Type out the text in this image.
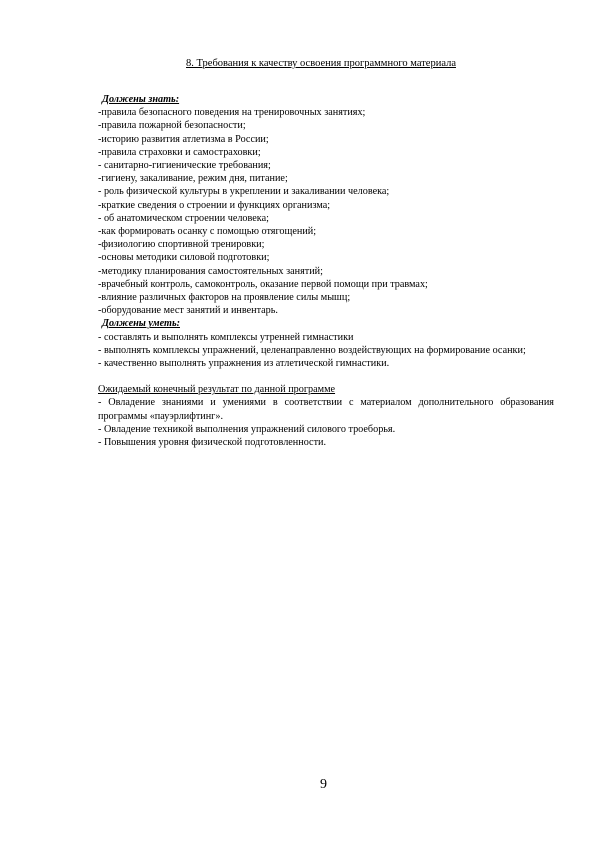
8. Требования к качеству освоения программного материала

Должены знать:

-правила безопасного поведения на тренировочных занятиях;

-правила пожарной безопасности;

-историю развития атлетизма в России;

-правила страховки и самостраховки;

- санитарно-гигиенические требования;

-гигиену, закаливание, режим дня, питание;

- роль физической культуры в укреплении и закаливании человека;

-краткие сведения о строении и функциях организма;

- об анатомическом строении человека;

-как формировать осанку с помощью отягощений;

-физиологию спортивной тренировки;

-основы методики силовой подготовки;

-методику планирования самостоятельных занятий;

-врачебный контроль, самоконтроль, оказание первой помощи при травмах;

-влияние различных факторов на проявление силы мышц;

-оборудование мест занятий и инвентарь.

Должены уметь:

- составлять и выполнять комплексы утренней гимнастики

- выполнять комплексы упражнений, целенаправленно воздействующих на формирование осанки;

- качественно выполнять упражнения из атлетической гимнастики.

Ожидаемый конечный результат по данной программе

- Овладение знаниями и умениями в соответствии с материалом дополнительного образования программы «пауэрлифтинг».

- Овладение техникой выполнения упражнений силового троеборья.

- Повышения уровня физической подготовленности.

9
